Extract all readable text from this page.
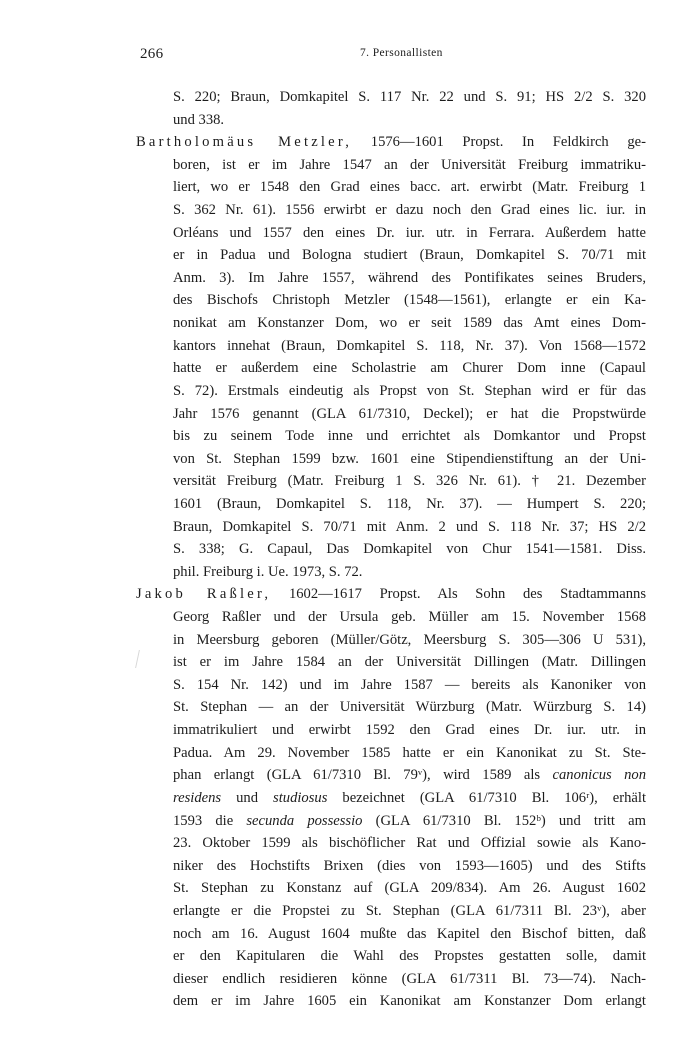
266	7. Personallisten
S. 220; Braun, Domkapitel S. 117 Nr. 22 und S. 91; HS 2/2 S. 320
und 338.
Bartholomäus Metzler, 1576—1601 Propst. In Feldkirch ge-
boren, ist er im Jahre 1547 an der Universität Freiburg immatriku-
liert, wo er 1548 den Grad eines bacc. art. erwirbt (Matr. Freiburg 1
S. 362 Nr. 61). 1556 erwirbt er dazu noch den Grad eines lic. iur. in
Orléans und 1557 den eines Dr. iur. utr. in Ferrara. Außerdem hatte
er in Padua und Bologna studiert (Braun, Domkapitel S. 70/71 mit
Anm. 3). Im Jahre 1557, während des Pontifikates seines Bruders,
des Bischofs Christoph Metzler (1548—1561), erlangte er ein Ka-
nonikat am Konstanzer Dom, wo er seit 1589 das Amt eines Dom-
kantors innehat (Braun, Domkapitel S. 118, Nr. 37). Von 1568—1572
hatte er außerdem eine Scholastrie am Churer Dom inne (Capaul
S. 72). Erstmals eindeutig als Propst von St. Stephan wird er für das
Jahr 1576 genannt (GLA 61/7310, Deckel); er hat die Propstwürde
bis zu seinem Tode inne und errichtet als Domkantor und Propst
von St. Stephan 1599 bzw. 1601 eine Stipendienstiftung an der Uni-
versität Freiburg (Matr. Freiburg 1 S. 326 Nr. 61). † 21. Dezember
1601 (Braun, Domkapitel S. 118, Nr. 37). — Humpert S. 220;
Braun, Domkapitel S. 70/71 mit Anm. 2 und S. 118 Nr. 37; HS 2/2
S. 338; G. Capaul, Das Domkapitel von Chur 1541—1581. Diss.
phil. Freiburg i. Ue. 1973, S. 72.
Jakob Raßler, 1602—1617 Propst. Als Sohn des Stadtammanns
Georg Raßler und der Ursula geb. Müller am 15. November 1568
in Meersburg geboren (Müller/Götz, Meersburg S. 305—306 U 531),
ist er im Jahre 1584 an der Universität Dillingen (Matr. Dillingen
S. 154 Nr. 142) und im Jahre 1587 — bereits als Kanoniker von
St. Stephan — an der Universität Würzburg (Matr. Würzburg S. 14)
immatrikuliert und erwirbt 1592 den Grad eines Dr. iur. utr. in
Padua. Am 29. November 1585 hatte er ein Kanonikat zu St. Ste-
phan erlangt (GLA 61/7310 Bl. 79ᵛ), wird 1589 als canonicus non
residens und studiosus bezeichnet (GLA 61/7310 Bl. 106ʳ), erhält
1593 die secunda possessio (GLA 61/7310 Bl. 152ᵇ) und tritt am
23. Oktober 1599 als bischöflicher Rat und Offizial sowie als Kano-
niker des Hochstifts Brixen (dies von 1593—1605) und des Stifts
St. Stephan zu Konstanz auf (GLA 209/834). Am 26. August 1602
erlangte er die Propstei zu St. Stephan (GLA 61/7311 Bl. 23ᵛ), aber
noch am 16. August 1604 mußte das Kapitel den Bischof bitten, daß
er den Kapitularen die Wahl des Propstes gestatten solle, damit
dieser endlich residieren könne (GLA 61/7311 Bl. 73—74). Nach-
dem er im Jahre 1605 ein Kanonikat am Konstanzer Dom erlangt
